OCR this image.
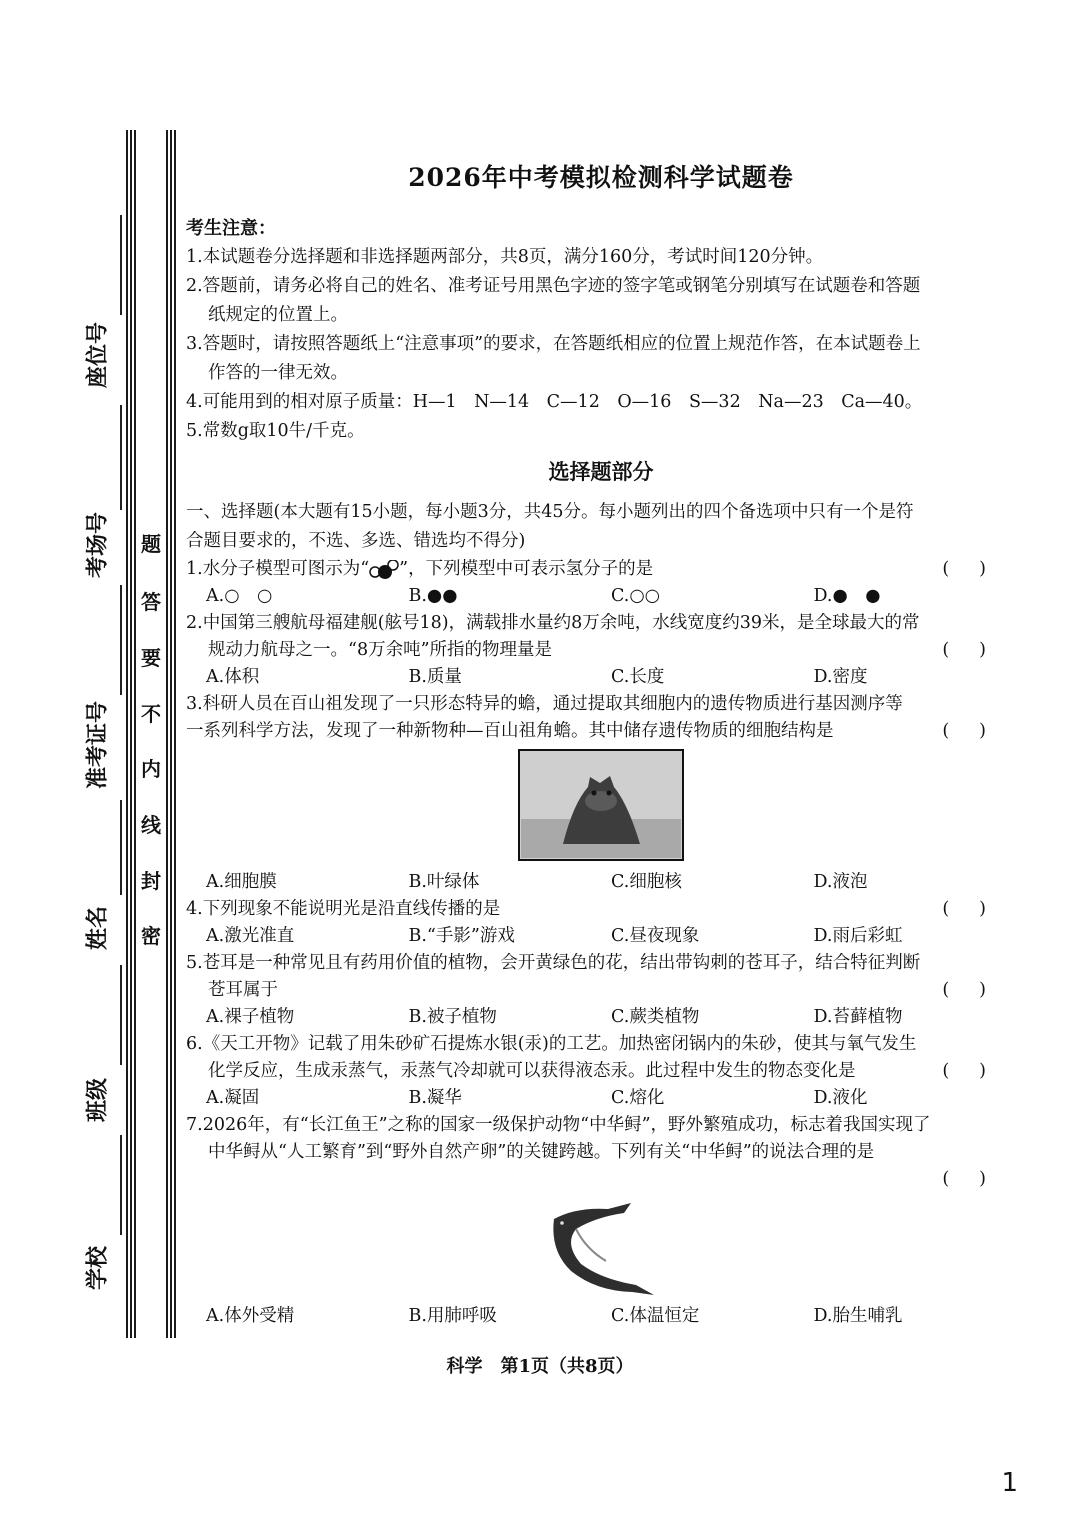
座位号
考场号
准考证号
姓名
班级
学校
题
答
要
不
内
线
封
密
2026年中考模拟检测科学试题卷
考生注意：
1.本试题卷分选择题和非选择题两部分，共8页，满分160分，考试时间120分钟。
2.答题前，请务必将自己的姓名、准考证号用黑色字迹的签字笔或钢笔分别填写在试题卷和答题
纸规定的位置上。
3.答题时，请按照答题纸上“注意事项”的要求，在答题纸相应的位置上规范作答，在本试题卷上
作答的一律无效。
4.可能用到的相对原子质量：H—1　N—14　C—12　O—16　S—32　Na—23　Ca—40。
5.常数g取10牛/千克。
选择题部分
一、选择题(本大题有15小题，每小题3分，共45分。每小题列出的四个备选项中只有一个是符
合题目要求的，不选、多选、错选均不得分)
1.水分子模型可图示为“ ”，下列模型中可表示氢分子的是	()
A.○　○	B.●●	C.○○	D.●　●
2.中国第三艘航母福建舰(舷号18)，满载排水量约8万余吨，水线宽度约39米，是全球最大的常
规动力航母之一。“8万余吨”所指的物理量是	()
A.体积	B.质量	C.长度	D.密度
3.科研人员在百山祖发现了一只形态特异的蟾，通过提取其细胞内的遗传物质进行基因测序等
一系列科学方法，发现了一种新物种—百山祖角蟾。其中储存遗传物质的细胞结构是	()
A.细胞膜	B.叶绿体	C.细胞核	D.液泡
4.下列现象不能说明光是沿直线传播的是	()
A.激光准直	B.“手影”游戏	C.昼夜现象	D.雨后彩虹
5.苍耳是一种常见且有药用价值的植物，会开黄绿色的花，结出带钩刺的苍耳子，结合特征判断
苍耳属于	()
A.裸子植物	B.被子植物	C.蕨类植物	D.苔藓植物
6.《天工开物》记载了用朱砂矿石提炼水银(汞)的工艺。加热密闭锅内的朱砂，使其与氧气发生
化学反应，生成汞蒸气，汞蒸气冷却就可以获得液态汞。此过程中发生的物态变化是	()
A.凝固	B.凝华	C.熔化	D.液化
7.2026年，有“长江鱼王”之称的国家一级保护动物“中华鲟”，野外繁殖成功，标志着我国实现了
中华鲟从“人工繁育”到“野外自然产卵”的关键跨越。下列有关“中华鲟”的说法合理的是
()
A.体外受精	B.用肺呼吸	C.体温恒定	D.胎生哺乳
科学　第1页（共8页）
1
